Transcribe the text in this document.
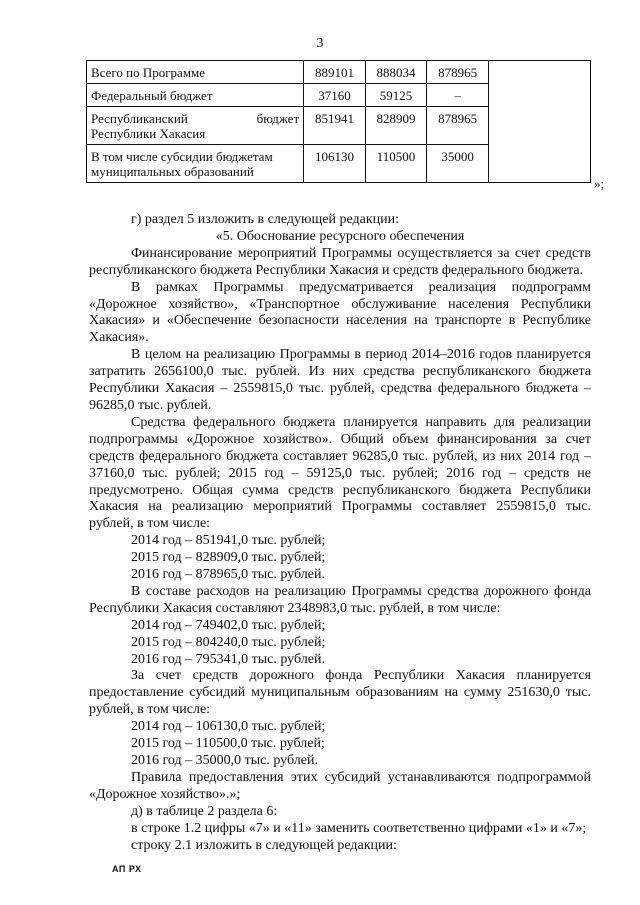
3
Всего по Программе	889101	888034	878965	
Федеральный бюджет	37160	59125	–	

Республиканский бюджет
Республики Хакасия	851941	828909	878965	

В том числе субсидии бюджетам
муниципальных образований	106130	110500	35000	
»;

г) раздел 5 изложить в следующей редакции:

«5. Обоснование ресурсного обеспечения

Финансирование мероприятий Программы осуществляется за счет средств республиканского бюджета Республики Хакасия и средств федерального бюджета.

В рамках Программы предусматривается реализация подпрограмм «Дорожное хозяйство», «Транспортное обслуживание населения Республики Хакасия» и «Обеспечение безопасности населения на транспорте в Республике Хакасия».

В целом на реализацию Программы в период 2014–2016 годов планируется затратить 2656100,0 тыс. рублей. Из них средства республиканского бюджета Республики Хакасия – 2559815,0 тыс. рублей, средства федерального бюджета – 96285,0 тыс. рублей.

Средства федерального бюджета планируется направить для реализации подпрограммы «Дорожное хозяйство». Общий объем финансирования за счет средств федерального бюджета составляет 96285,0 тыс. рублей, из них 2014 год – 37160,0 тыс. рублей; 2015 год – 59125,0 тыс. рублей; 2016 год – средств не предусмотрено. Общая сумма средств республиканского бюджета Республики Хакасия на реализацию мероприятий Программы составляет 2559815,0 тыс. рублей, в том числе:

2014 год – 851941,0 тыс. рублей;

2015 год – 828909,0 тыс. рублей;

2016 год – 878965,0 тыс. рублей.

В составе расходов на реализацию Программы средства дорожного фонда Республики Хакасия составляют 2348983,0 тыс. рублей, в том числе:

2014 год – 749402,0 тыс. рублей;

2015 год – 804240,0 тыс. рублей;

2016 год – 795341,0 тыс. рублей.

За счет средств дорожного фонда Республики Хакасия планируется предоставление субсидий муниципальным образованиям на сумму 251630,0 тыс. рублей, в том числе:

2014 год – 106130,0 тыс. рублей;

2015 год – 110500,0 тыс. рублей;

2016 год – 35000,0 тыс. рублей.

Правила предоставления этих субсидий устанавливаются подпрограммой «Дорожное хозяйство».»;

д) в таблице 2 раздела 6:

в строке 1.2 цифры «7» и «11» заменить соответственно цифрами «1» и «7»;

строку 2.1 изложить в следующей редакции:

АП РХ
